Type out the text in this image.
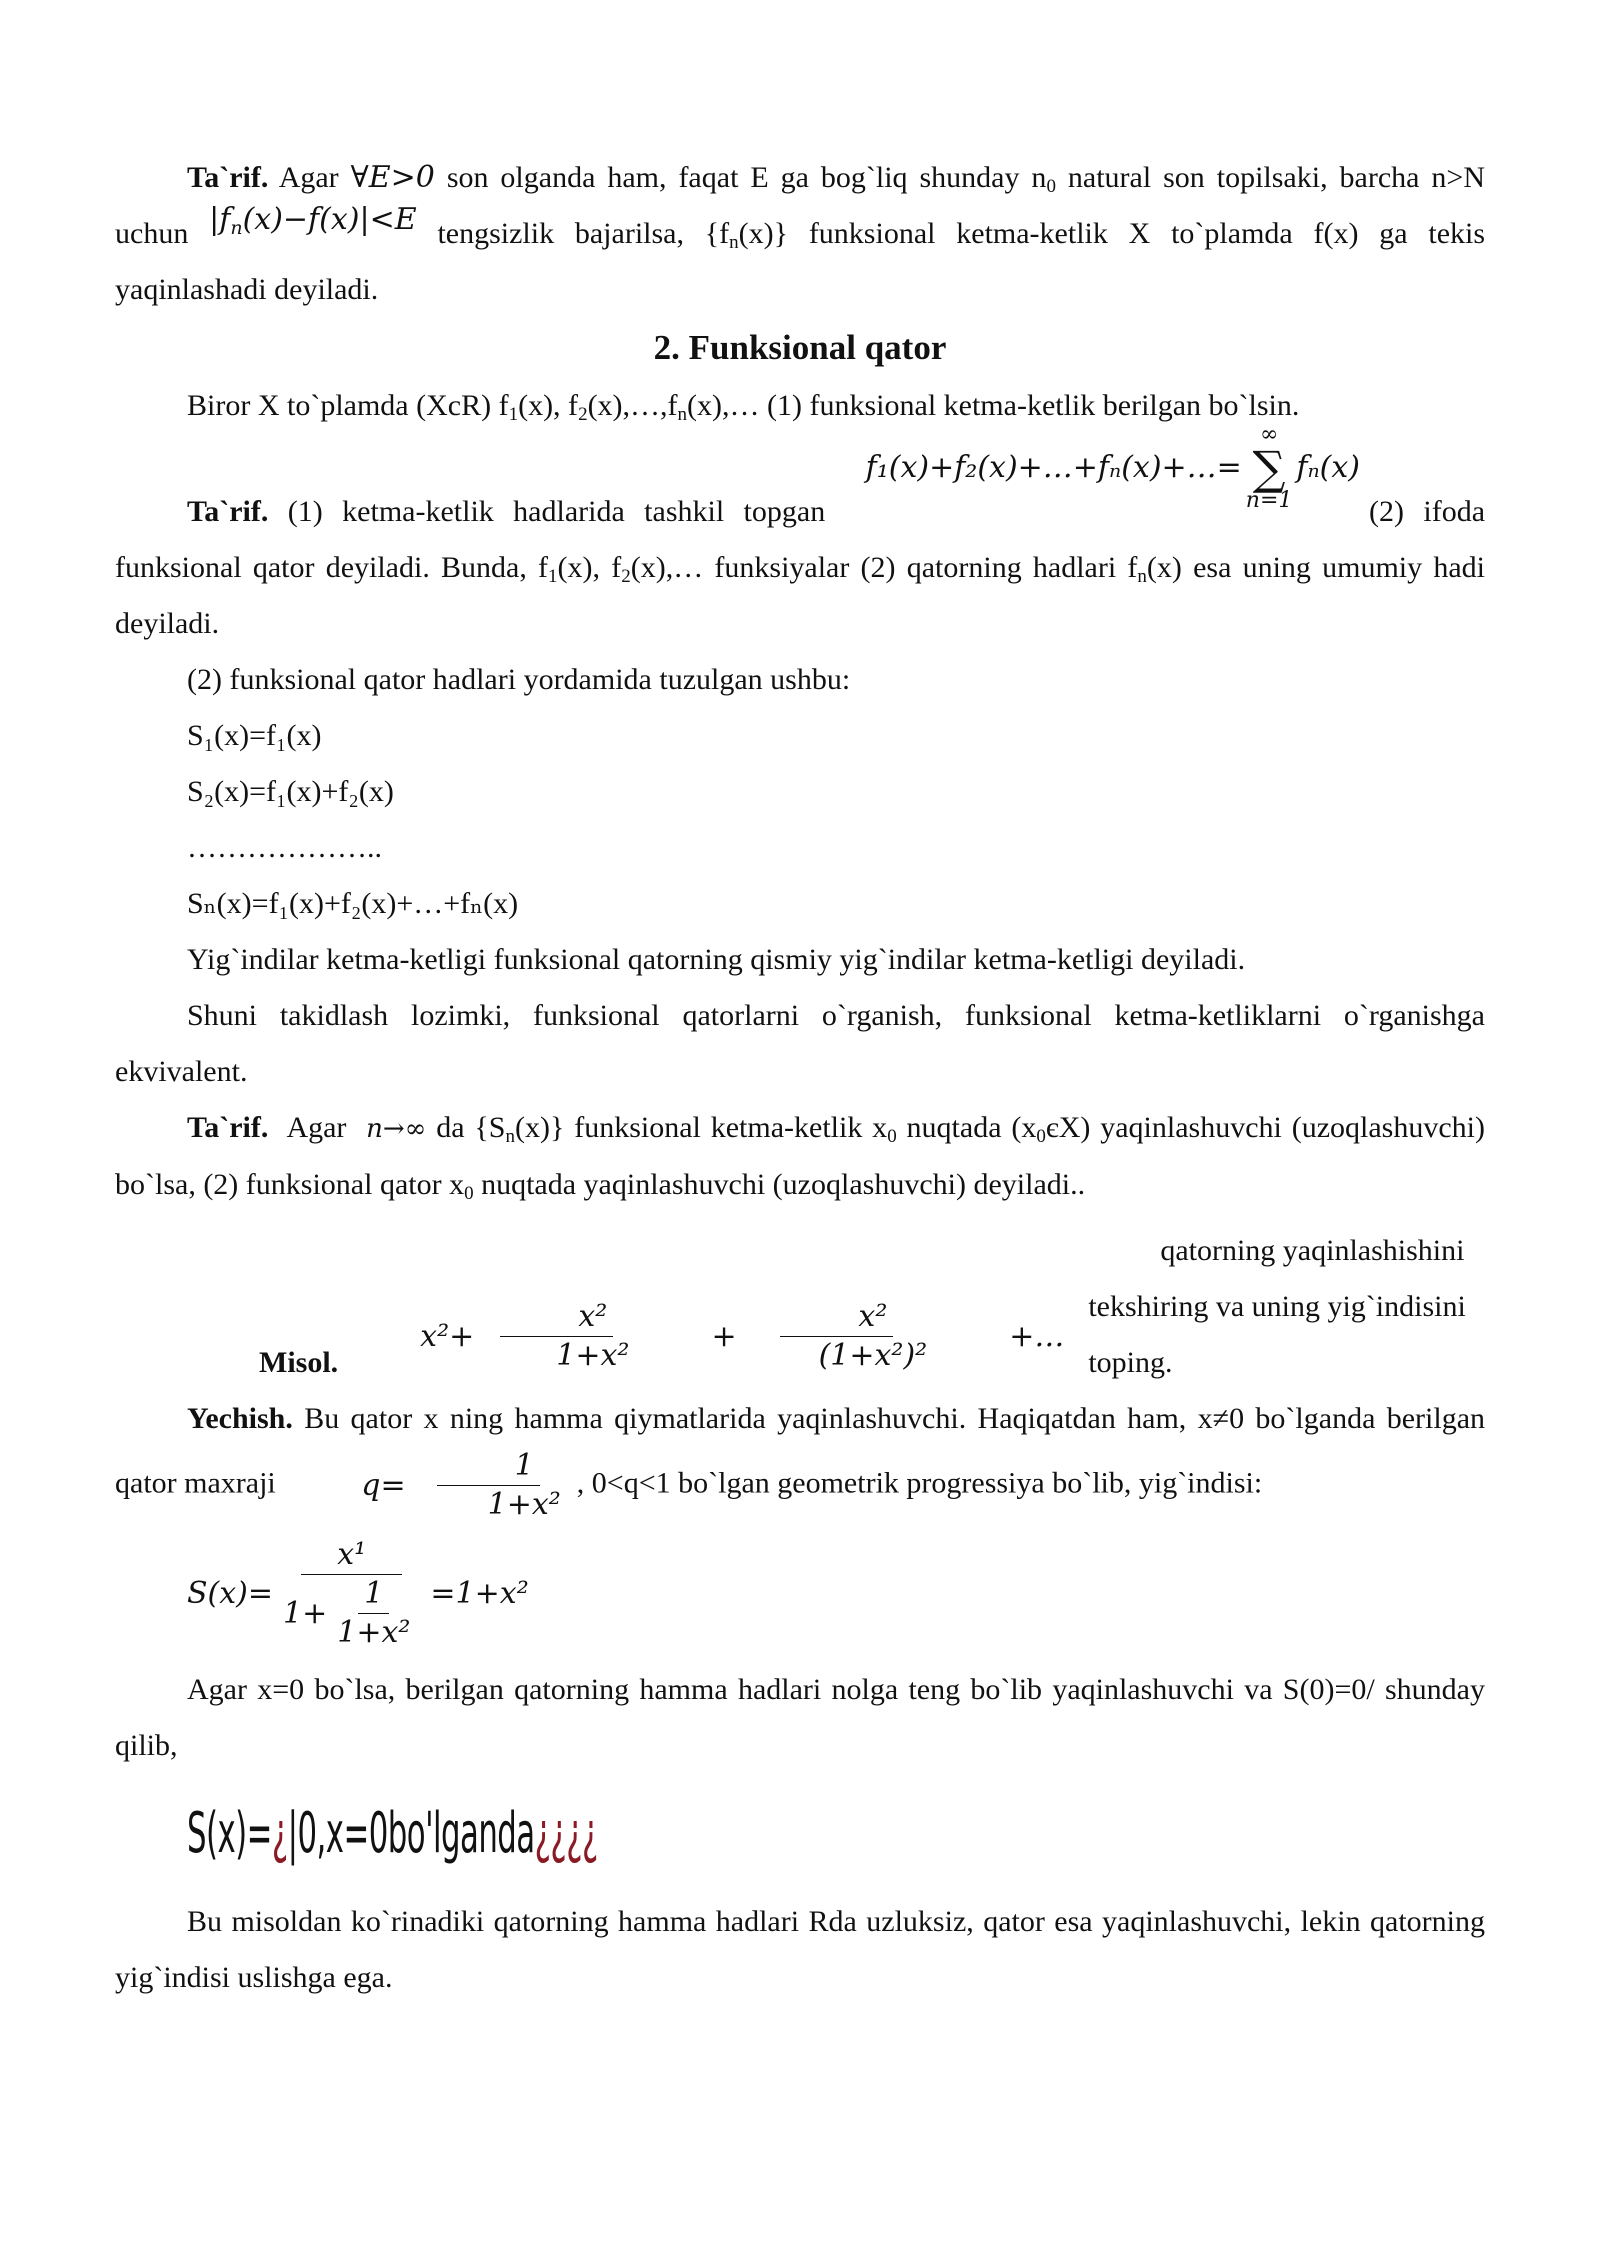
Ta`rif. Agar ∀E>0 son olganda ham, faqat E ga bog`liq shunday $n_0$ natural son topilsaki, barcha n>N uchun $|f_n(x)-f(x)|<E$ tengsizlik bajarilsa, $\{f_n(x)\}$ funksional ketma-ketlik X to`plamda f(x) ga tekis yaqinlashadi deyiladi.

2. Funksional qator

Biror X to`plamda (XcR) $f_1(x)$, $f_2(x),\dots,f_n(x),\dots$ (1) funksional ketma-ketlik berilgan bo`lsin.

f₁(x)+f₂(x)+…+fₙ(x)+…=
∞
∑
n=1
fₙ(x)

Ta`rif. (1) ketma-ketlik hadlarida tashkil topgan	(2) ifoda funksional qator deyiladi. Bunda, $f_1(x)$, $f_2(x),\dots$ funksiyalar (2) qatorning hadlari $f_n(x)$ esa uning umumiy hadi deyiladi.

(2) funksional qator hadlari yordamida tuzulgan ushbu:

S₁(x)=f₁(x)

S₂(x)=f₁(x)+f₂(x)

………………..

Sₙ(x)=f₁(x)+f₂(x)+…+fₙ(x)

Yig`indilar ketma-ketligi funksional qatorning qismiy yig`indilar ketma-ketligi deyiladi.

Shuni takidlash lozimki, funksional qatorlarni o`rganish, funksional ketma-ketliklarni o`rganishga ekvivalent.

Ta`rif. Agar n→∞ da $\{S_n(x)\}$ funksional ketma-ketlik $x_0$ nuqtada $(x_0єX)$ yaqinlashuvchi (uzoqlashuvchi) bo`lsa, (2) funksional qator $x_0$ nuqtada yaqinlashuvchi (uzoqlashuvchi) deyiladi..

Misol.
$x^2+ \frac{\text{x²}}{\text{1+x²}}$	+ $\frac{\text{x²}}{\text{(1+x²)²}}$	+…
qatorning yaqinlashishini tekshiring va uning yig`indisini toping.

Yechish. Bu qator x ning hamma qiymatlarida yaqinlashuvchi. Haqiqatdan ham, x≠0 bo`lganda berilgan qator maxraji	$q= \frac{1}{\text{1+x²}}$ , 0<q<1 bo`lgan geometrik progressiya bo`lib, yig`indisi:

$S(x)= \frac{\text{x¹}}{1+ \frac{1}{\text{1+x²}}} =1+x^2$

Agar x=0 bo`lsa, berilgan qatorning hamma hadlari nolga teng bo`lib yaqinlashuvchi va S(0)=0/ shunday qilib,

S(x)=¿|0,x=0bo'lganda¿¿¿¿

Bu misoldan ko`rinadiki qatorning hamma hadlari Rda uzluksiz, qator esa yaqinlashuvchi, lekin qatorning yig`indisi uslishga ega.
